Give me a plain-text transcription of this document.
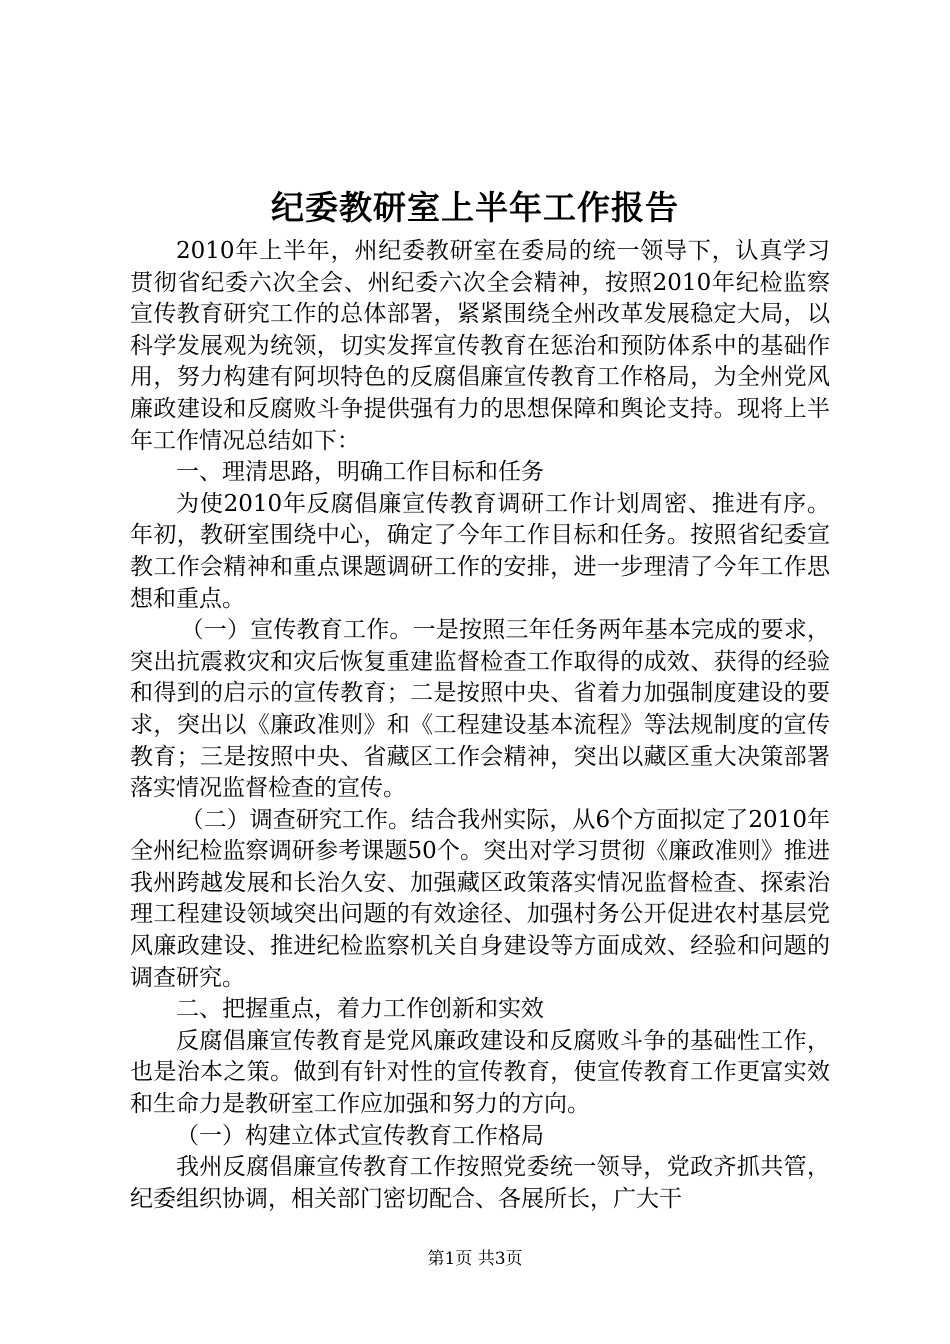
纪委教研室上半年工作报告

2010年上半年，州纪委教研室在委局的统一领导下，认真学习贯彻省纪委六次全会、州纪委六次全会精神，按照2010年纪检监察宣传教育研究工作的总体部署，紧紧围绕全州改革发展稳定大局，以科学发展观为统领，切实发挥宣传教育在惩治和预防体系中的基础作用，努力构建有阿坝特色的反腐倡廉宣传教育工作格局，为全州党风廉政建设和反腐败斗争提供强有力的思想保障和舆论支持。现将上半年工作情况总结如下：

一、理清思路，明确工作目标和任务

为使2010年反腐倡廉宣传教育调研工作计划周密、推进有序。年初，教研室围绕中心，确定了今年工作目标和任务。按照省纪委宣教工作会精神和重点课题调研工作的安排，进一步理清了今年工作思想和重点。

（一）宣传教育工作。一是按照三年任务两年基本完成的要求，突出抗震救灾和灾后恢复重建监督检查工作取得的成效、获得的经验和得到的启示的宣传教育；二是按照中央、省着力加强制度建设的要求，突出以《廉政准则》和《工程建设基本流程》等法规制度的宣传教育；三是按照中央、省藏区工作会精神，突出以藏区重大决策部署落实情况监督检查的宣传。

（二）调查研究工作。结合我州实际，从6个方面拟定了2010年全州纪检监察调研参考课题50个。突出对学习贯彻《廉政准则》推进我州跨越发展和长治久安、加强藏区政策落实情况监督检查、探索治理工程建设领域突出问题的有效途径、加强村务公开促进农村基层党风廉政建设、推进纪检监察机关自身建设等方面成效、经验和问题的调查研究。

二、把握重点，着力工作创新和实效

反腐倡廉宣传教育是党风廉政建设和反腐败斗争的基础性工作，也是治本之策。做到有针对性的宣传教育，使宣传教育工作更富实效和生命力是教研室工作应加强和努力的方向。

（一）构建立体式宣传教育工作格局

我州反腐倡廉宣传教育工作按照党委统一领导，党政齐抓共管，纪委组织协调，相关部门密切配合、各展所长，广大干

第1页 共3页
